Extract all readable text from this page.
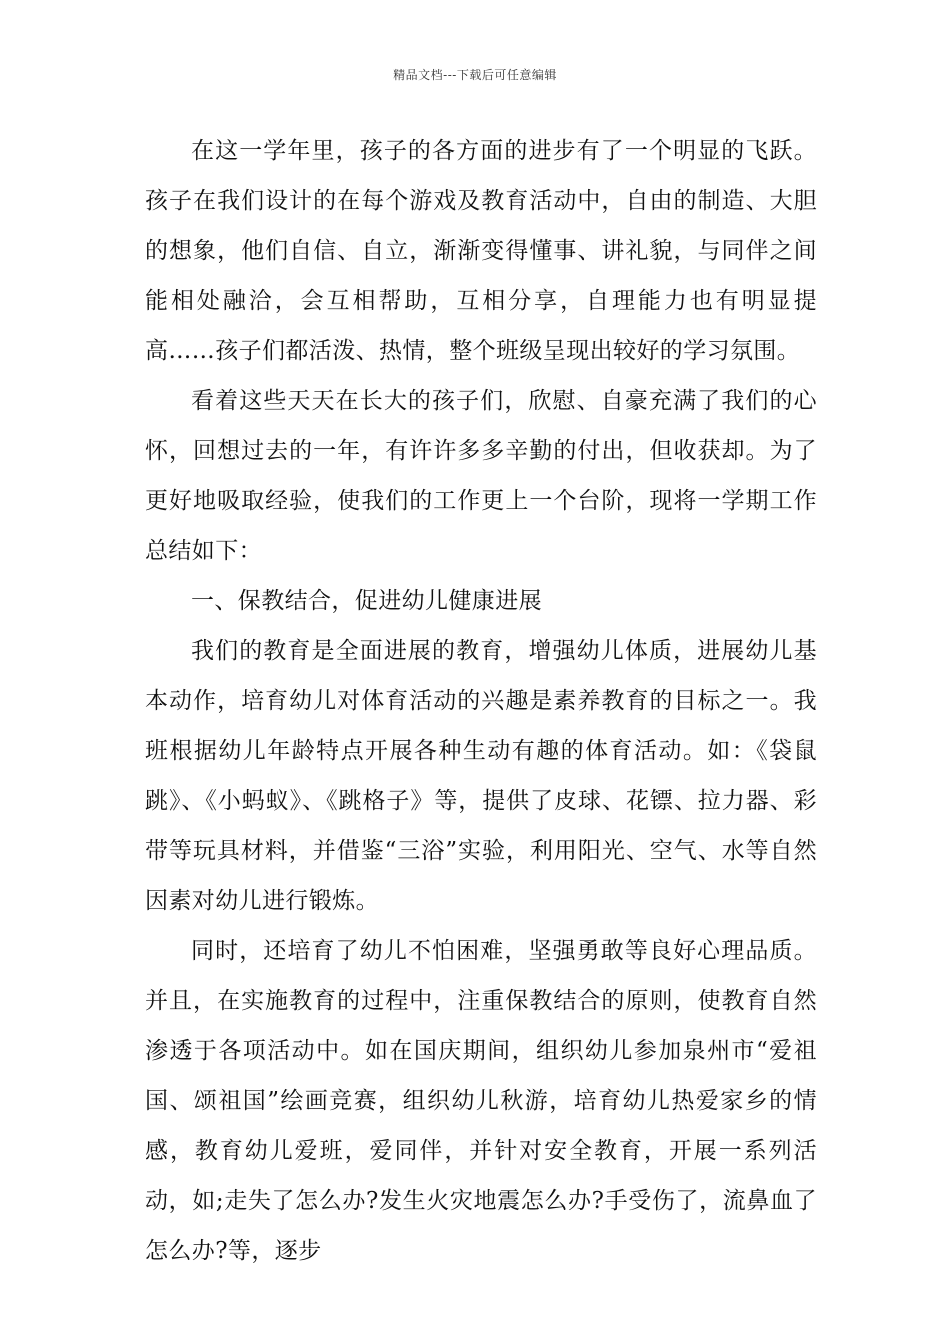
精品文档---下载后可任意编辑
在这一学年里，孩子的各方面的进步有了一个明显的飞跃。孩子在我们设计的在每个游戏及教育活动中，自由的制造、大胆的想象，他们自信、自立，渐渐变得懂事、讲礼貌，与同伴之间能相处融洽，会互相帮助，互相分享，自理能力也有明显提高……孩子们都活泼、热情，整个班级呈现出较好的学习氛围。
看着这些天天在长大的孩子们，欣慰、自豪充满了我们的心怀，回想过去的一年，有许许多多辛勤的付出，但收获却。为了更好地吸取经验，使我们的工作更上一个台阶，现将一学期工作总结如下：
一、保教结合，促进幼儿健康进展
我们的教育是全面进展的教育，增强幼儿体质，进展幼儿基本动作，培育幼儿对体育活动的兴趣是素养教育的目标之一。我班根据幼儿年龄特点开展各种生动有趣的体育活动。如：《袋鼠跳》、《小蚂蚁》、《跳格子》等，提供了皮球、花镖、拉力器、彩带等玩具材料，并借鉴“三浴”实验，利用阳光、空气、水等自然因素对幼儿进行锻炼。
同时，还培育了幼儿不怕困难，坚强勇敢等良好心理品质。并且，在实施教育的过程中，注重保教结合的原则，使教育自然渗透于各项活动中。如在国庆期间，组织幼儿参加泉州市“爱祖国、颂祖国”绘画竞赛，组织幼儿秋游，培育幼儿热爱家乡的情感，教育幼儿爱班，爱同伴，并针对安全教育，开展一系列活动，如;走失了怎么办?发生火灾地震怎么办?手受伤了，流鼻血了怎么办?等，逐步
